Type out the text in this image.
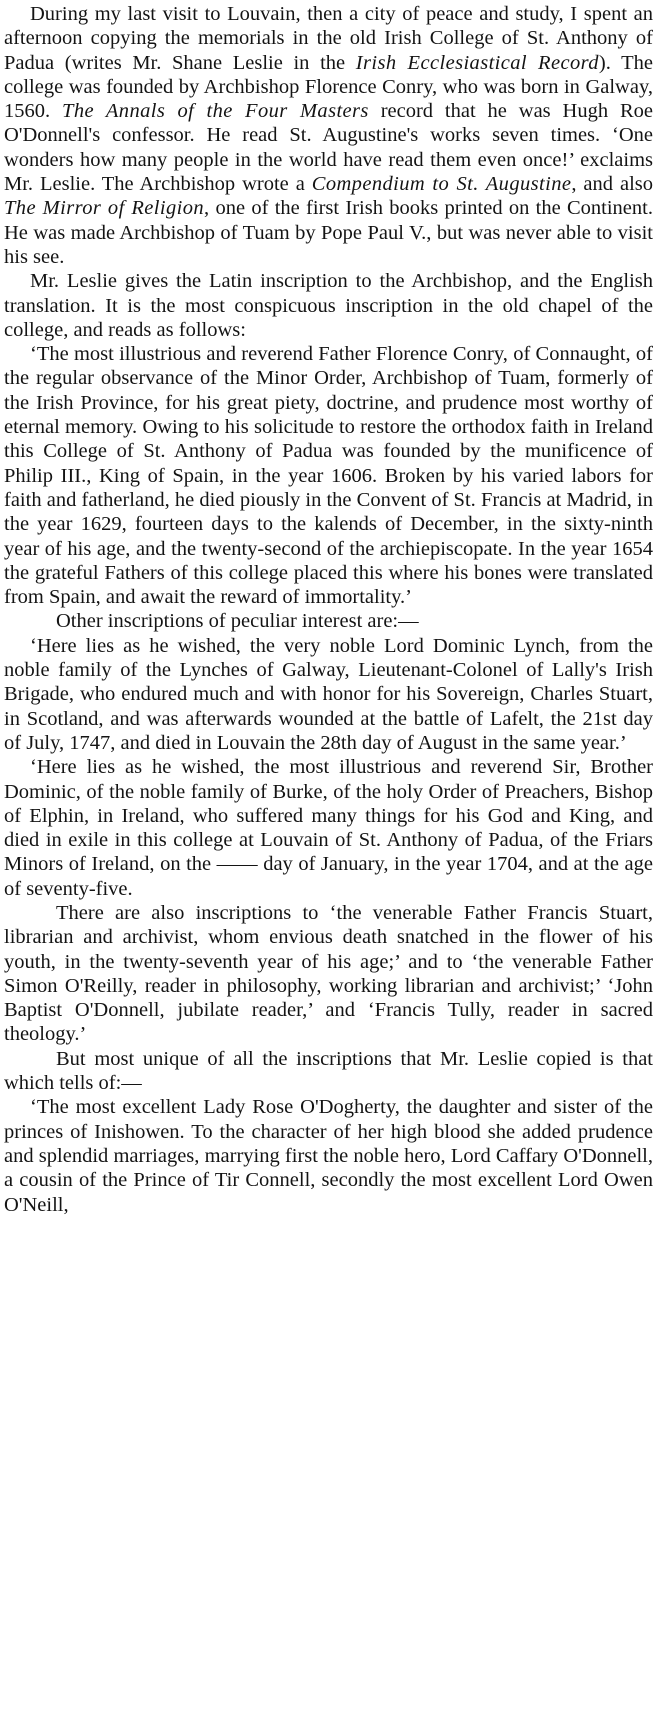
During my last visit to Louvain, then a city of peace and study, I spent an afternoon copying the memorials in the old Irish College of St. Anthony of Padua (writes Mr. Shane Leslie in the Irish Ecclesiastical Record). The college was founded by Archbishop Florence Conry, who was born in Galway, 1560. The Annals of the Four Masters record that he was Hugh Roe O'Donnell's confessor. He read St. Augustine's works seven times. ‘One wonders how many people in the world have read them even once!’ exclaims Mr. Leslie. The Archbishop wrote a Compendium to St. Augustine, and also The Mirror of Religion, one of the first Irish books printed on the Continent. He was made Archbishop of Tuam by Pope Paul V., but was never able to visit his see.

Mr. Leslie gives the Latin inscription to the Archbishop, and the English translation. It is the most conspicuous inscription in the old chapel of the college, and reads as follows:

‘The most illustrious and reverend Father Florence Conry, of Connaught, of the regular observance of the Minor Order, Archbishop of Tuam, formerly of the Irish Province, for his great piety, doctrine, and prudence most worthy of eternal memory. Owing to his solicitude to restore the orthodox faith in Ireland this College of St. Anthony of Padua was founded by the munificence of Philip III., King of Spain, in the year 1606. Broken by his varied labors for faith and fatherland, he died piously in the Convent of St. Francis at Madrid, in the year 1629, fourteen days to the kalends of December, in the sixty-ninth year of his age, and the twenty-second of the archiepiscopate. In the year 1654 the grateful Fathers of this college placed this where his bones were translated from Spain, and await the reward of immortality.’

Other inscriptions of peculiar interest are:—

‘Here lies as he wished, the very noble Lord Dominic Lynch, from the noble family of the Lynches of Galway, Lieutenant-Colonel of Lally's Irish Brigade, who endured much and with honor for his Sovereign, Charles Stuart, in Scotland, and was afterwards wounded at the battle of Lafelt, the 21st day of July, 1747, and died in Louvain the 28th day of August in the same year.’

‘Here lies as he wished, the most illustrious and reverend Sir, Brother Dominic, of the noble family of Burke, of the holy Order of Preachers, Bishop of Elphin, in Ireland, who suffered many things for his God and King, and died in exile in this college at Louvain of St. Anthony of Padua, of the Friars Minors of Ireland, on the —— day of January, in the year 1704, and at the age of seventy-five.

There are also inscriptions to ‘the venerable Father Francis Stuart, librarian and archivist, whom envious death snatched in the flower of his youth, in the twenty-seventh year of his age;’ and to ‘the venerable Father Simon O'Reilly, reader in philosophy, working librarian and archivist;’ ‘John Baptist O'Donnell, jubilate reader,’ and ‘Francis Tully, reader in sacred theology.’

But most unique of all the inscriptions that Mr. Leslie copied is that which tells of:—

‘The most excellent Lady Rose O'Dogherty, the daughter and sister of the princes of Inishowen. To the character of her high blood she added prudence and splendid marriages, marrying first the noble hero, Lord Caffary O'Donnell, a cousin of the Prince of Tir Connell, secondly the most excellent Lord Owen O'Neill,
